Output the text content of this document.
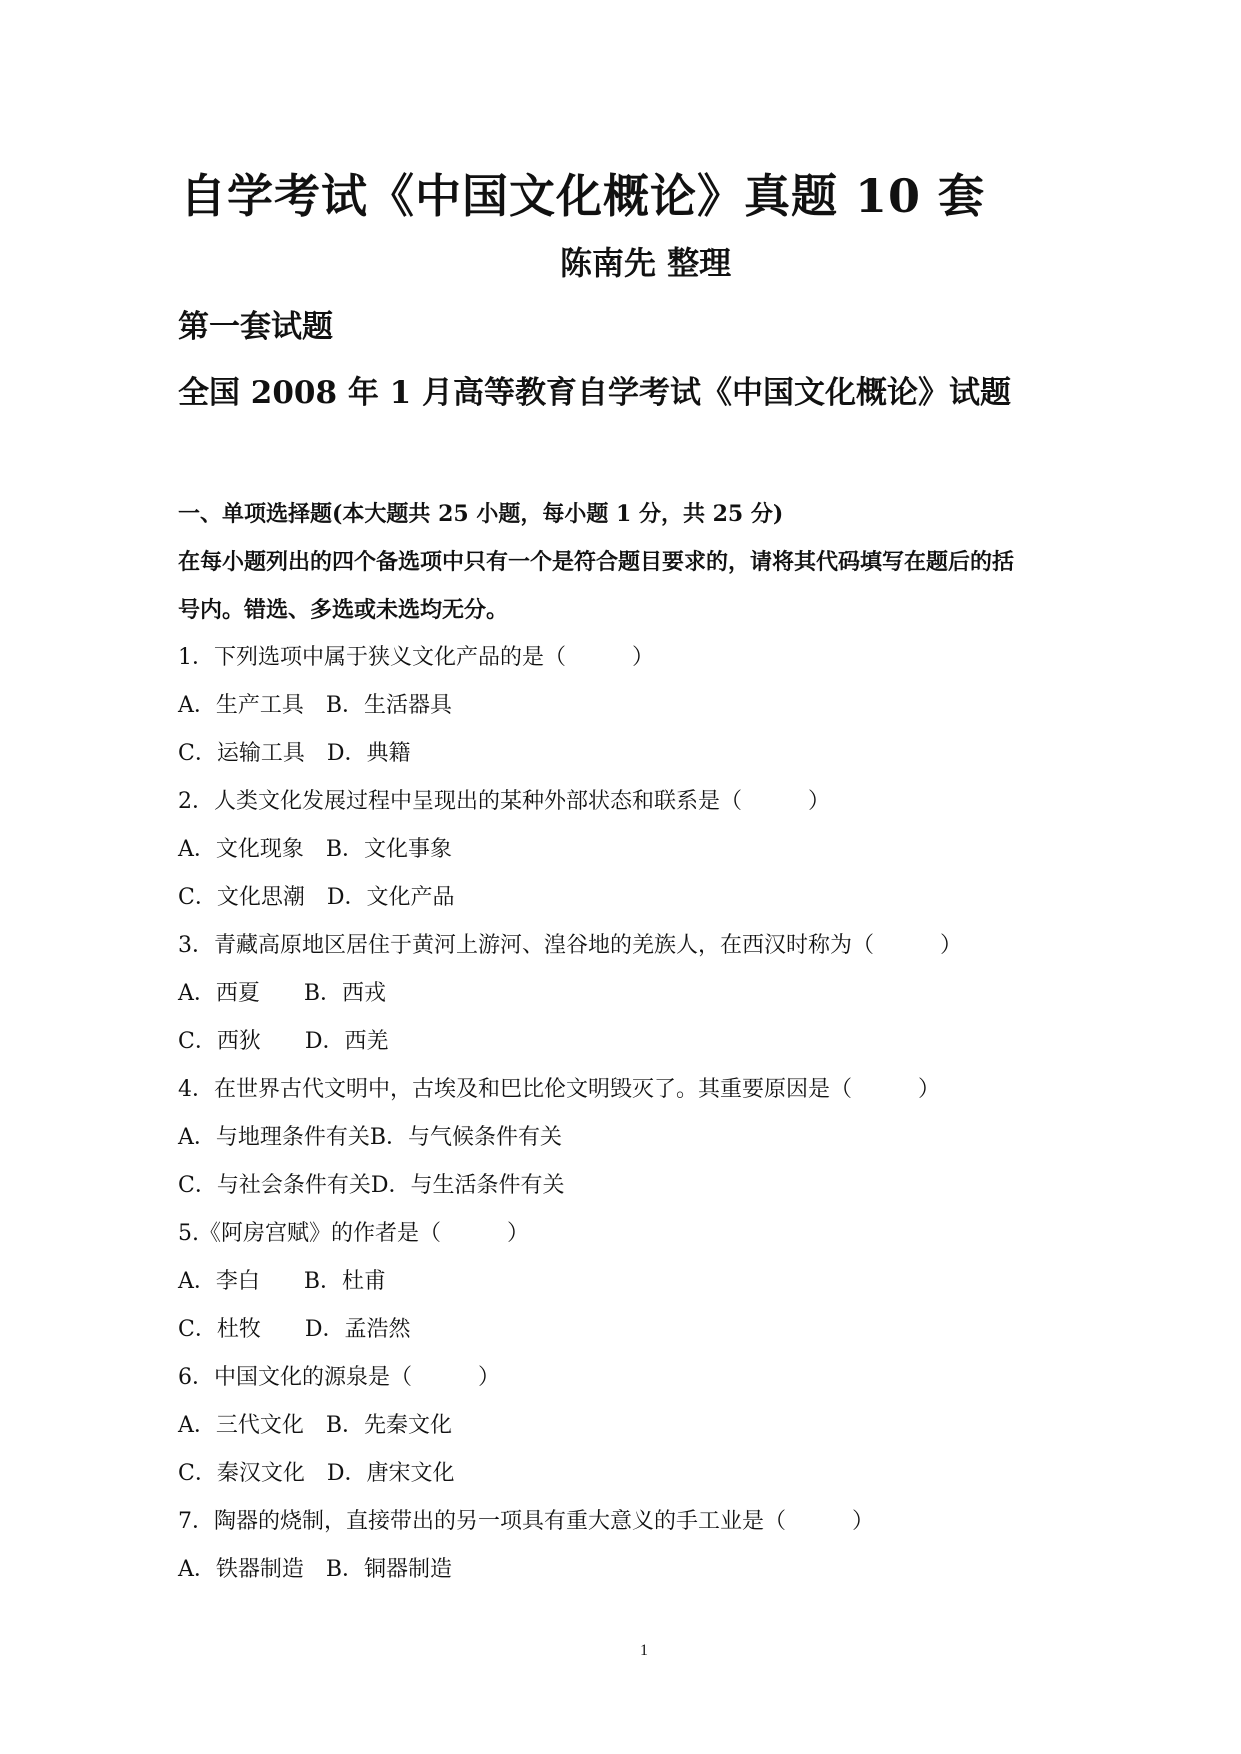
自学考试《中国文化概论》真题 10 套
陈南先 整理
第一套试题
全国 2008 年 1 月高等教育自学考试《中国文化概论》试题
一、单项选择题(本大题共 25 小题，每小题 1 分，共 25 分)
在每小题列出的四个备选项中只有一个是符合题目要求的，请将其代码填写在题后的括
号内。错选、多选或未选均无分。
1．下列选项中属于狭义文化产品的是（　　　）
A．生产工具　B．生活器具
C．运输工具　D．典籍
2．人类文化发展过程中呈现出的某种外部状态和联系是（　　　）
A．文化现象　B．文化事象
C．文化思潮　D．文化产品
3．青藏高原地区居住于黄河上游河、湟谷地的羌族人，在西汉时称为（　　　）
A．西夏　　B．西戎
C．西狄　　D．西羌
4．在世界古代文明中，古埃及和巴比伦文明毁灭了。其重要原因是（　　　）
A．与地理条件有关B．与气候条件有关
C．与社会条件有关D．与生活条件有关
5.《阿房宫赋》的作者是（　　　）
A．李白　　B．杜甫
C．杜牧　　D．孟浩然
6．中国文化的源泉是（　　　）
A．三代文化　B．先秦文化
C．秦汉文化　D．唐宋文化
7．陶器的烧制，直接带出的另一项具有重大意义的手工业是（　　　）
A．铁器制造　B．铜器制造
1
